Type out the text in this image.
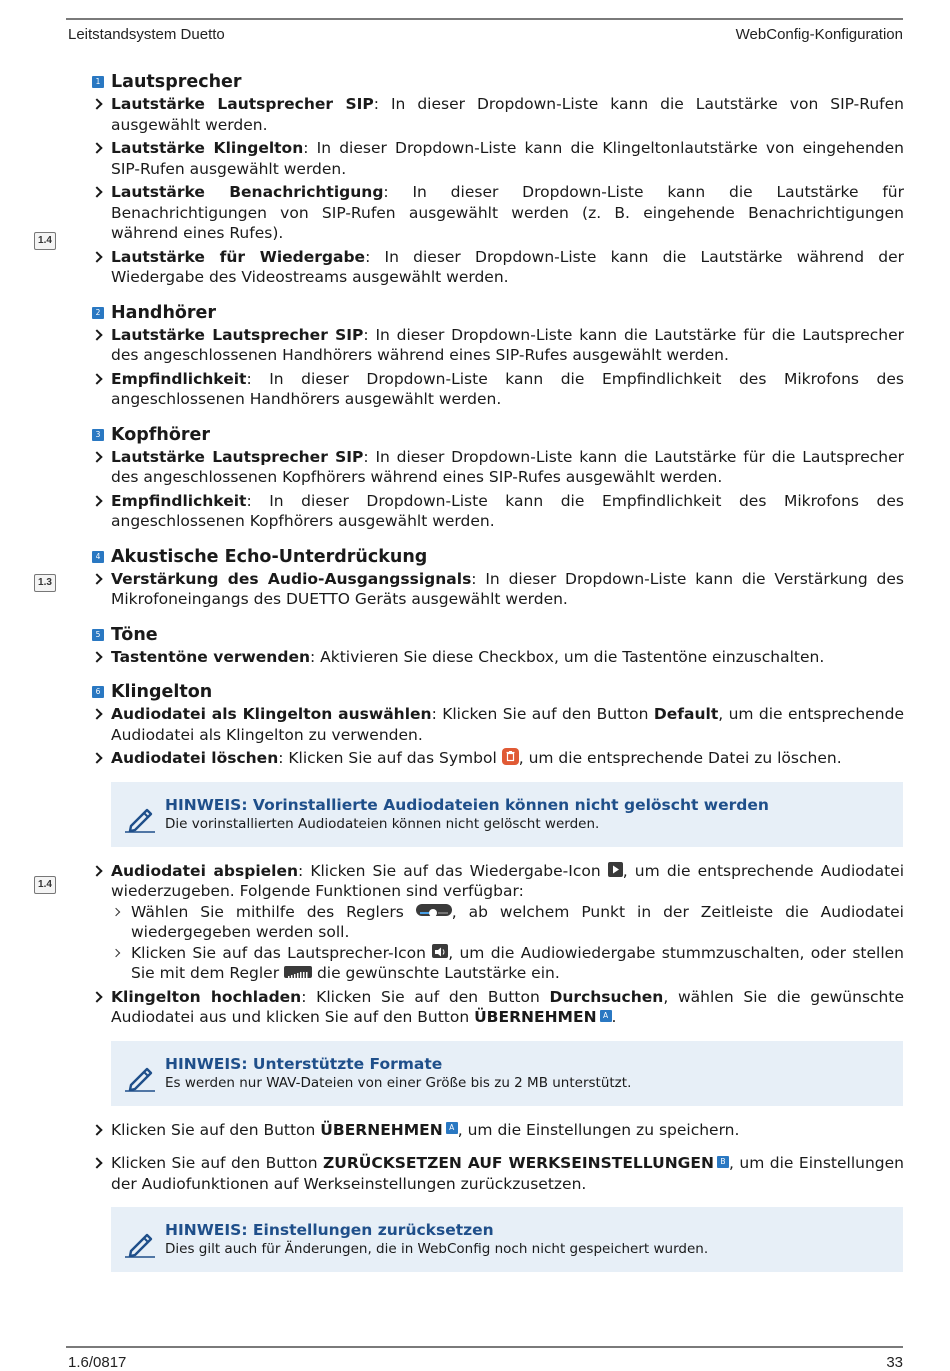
Leitstandsystem Duetto	WebConfig-Konfiguration
1.4
1.3
1.4
1 Lautsprecher
Lautstärke Lautsprecher SIP: In dieser Dropdown-Liste kann die Lautstärke von SIP-Rufen ausgewählt werden.
Lautstärke Klingelton: In dieser Dropdown-Liste kann die Klingeltonlautstärke von eingehenden SIP-Rufen ausgewählt werden.
Lautstärke Benachrichtigung: In dieser Dropdown-Liste kann die Lautstärke für Benachrichtigungen von SIP-Rufen ausgewählt werden (z. B. eingehende Benachrichtigungen während eines Rufes).
Lautstärke für Wiedergabe: In dieser Dropdown-Liste kann die Lautstärke während der Wiedergabe des Videostreams ausgewählt werden.
2 Handhörer
Lautstärke Lautsprecher SIP: In dieser Dropdown-Liste kann die Lautstärke für die Lautsprecher des angeschlossenen Handhörers während eines SIP-Rufes ausgewählt werden.
Empfindlichkeit: In dieser Dropdown-Liste kann die Empfindlichkeit des Mikrofons des angeschlossenen Handhörers ausgewählt werden.
3 Kopfhörer
Lautstärke Lautsprecher SIP: In dieser Dropdown-Liste kann die Lautstärke für die Lautsprecher des angeschlossenen Kopfhörers während eines SIP-Rufes ausgewählt werden.
Empfindlichkeit: In dieser Dropdown-Liste kann die Empfindlichkeit des Mikrofons des angeschlossenen Kopfhörers ausgewählt werden.
4 Akustische Echo-Unterdrückung
Verstärkung des Audio-Ausgangssignals: In dieser Dropdown-Liste kann die Verstärkung des Mikrofoneingangs des DUETTO Geräts ausgewählt werden.
5 Töne
Tastentöne verwenden: Aktivieren Sie diese Checkbox, um die Tastentöne einzuschalten.
6 Klingelton
Audiodatei als Klingelton auswählen: Klicken Sie auf den Button Default, um die entsprechende Audiodatei als Klingelton zu verwenden.
Audiodatei löschen: Klicken Sie auf das Symbol , um die entsprechende Datei zu löschen.
HINWEIS: Vorinstallierte Audiodateien können nicht gelöscht werden
Die vorinstallierten Audiodateien können nicht gelöscht werden.
Audiodatei abspielen: Klicken Sie auf das Wiedergabe-Icon , um die entsprechende Audiodatei wiederzugeben. Folgende Funktionen sind verfügbar:
Wählen Sie mithilfe des Reglers , ab welchem Punkt in der Zeitleiste die Audiodatei wiedergegeben werden soll.
Klicken Sie auf das Lautsprecher-Icon , um die Audiowiedergabe stummzuschalten, oder stellen Sie mit dem Regler  die gewünschte Lautstärke ein.
Klingelton hochladen: Klicken Sie auf den Button Durchsuchen, wählen Sie die gewünschte Audiodatei aus und klicken Sie auf den Button ÜBERNEHMEN A .
HINWEIS: Unterstützte Formate
Es werden nur WAV-Dateien von einer Größe bis zu 2 MB unterstützt.
Klicken Sie auf den Button ÜBERNEHMEN A , um die Einstellungen zu speichern.
Klicken Sie auf den Button ZURÜCKSETZEN AUF WERKSEINSTELLUNGEN B , um die Einstellungen der Audiofunktionen auf Werkseinstellungen zurückzusetzen.
HINWEIS: Einstellungen zurücksetzen
Dies gilt auch für Änderungen, die in WebConfig noch nicht gespeichert wurden.
1.6/0817	33
